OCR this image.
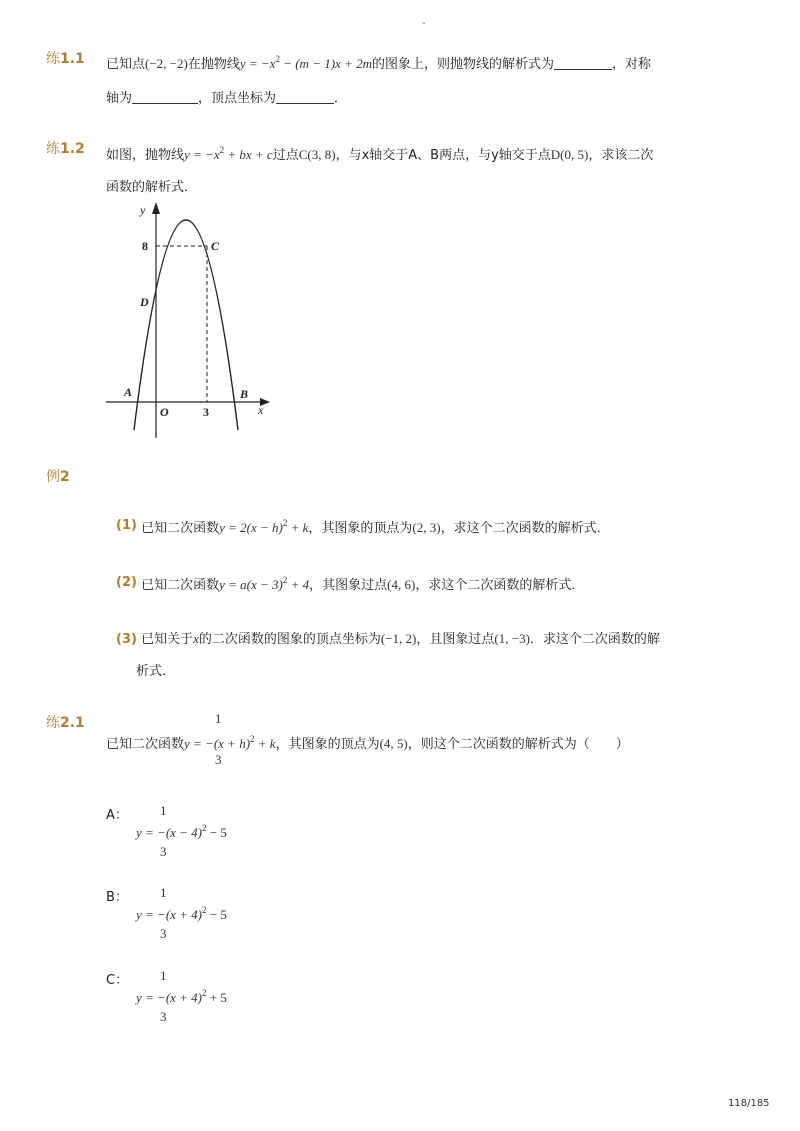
-
练1.1 已知点(−2, −2)在抛物线$y = -x^2 - (m - 1)x + 2m$的图象上，则抛物线的解析式为	，对称
轴为	，顶点坐标为	．
练1.2 如图，抛物线$y = -x^2$ + bx + c过点C(3, 8)，与x轴交于A、B两点，与y轴交于点D(0, 5)，求该二次
函数的解析式．
y
x
8	C
D
A
O	3
B
例2
(1) 已知二次函数$y = 2(x - h)^2 + k$，其图象的顶点为(2, 3)，求这个二次函数的解析式．
(2) 已知二次函数$y = a(x - 3)^2 + 4$，其图象过点(4, 6)，求这个二次函数的解析式．
(3) 已知关于x的二次函数的图象的顶点坐标为(−1, 2)，且图象过点(1, −3)．求这个二次函数的解
析式．
练2.1	1
已知二次函数$y = -(x + h)^2 + k$，其图象的顶点为(4, 5)，则这个二次函数的解析式为（　　）
3
A： 1
$y = -(x - 4)^2 - 5$
3
B： 1
$y = -(x + 4)^2 - 5$
3
C： 1
$y = -(x + 4)^2 + 5$
3
118/185
